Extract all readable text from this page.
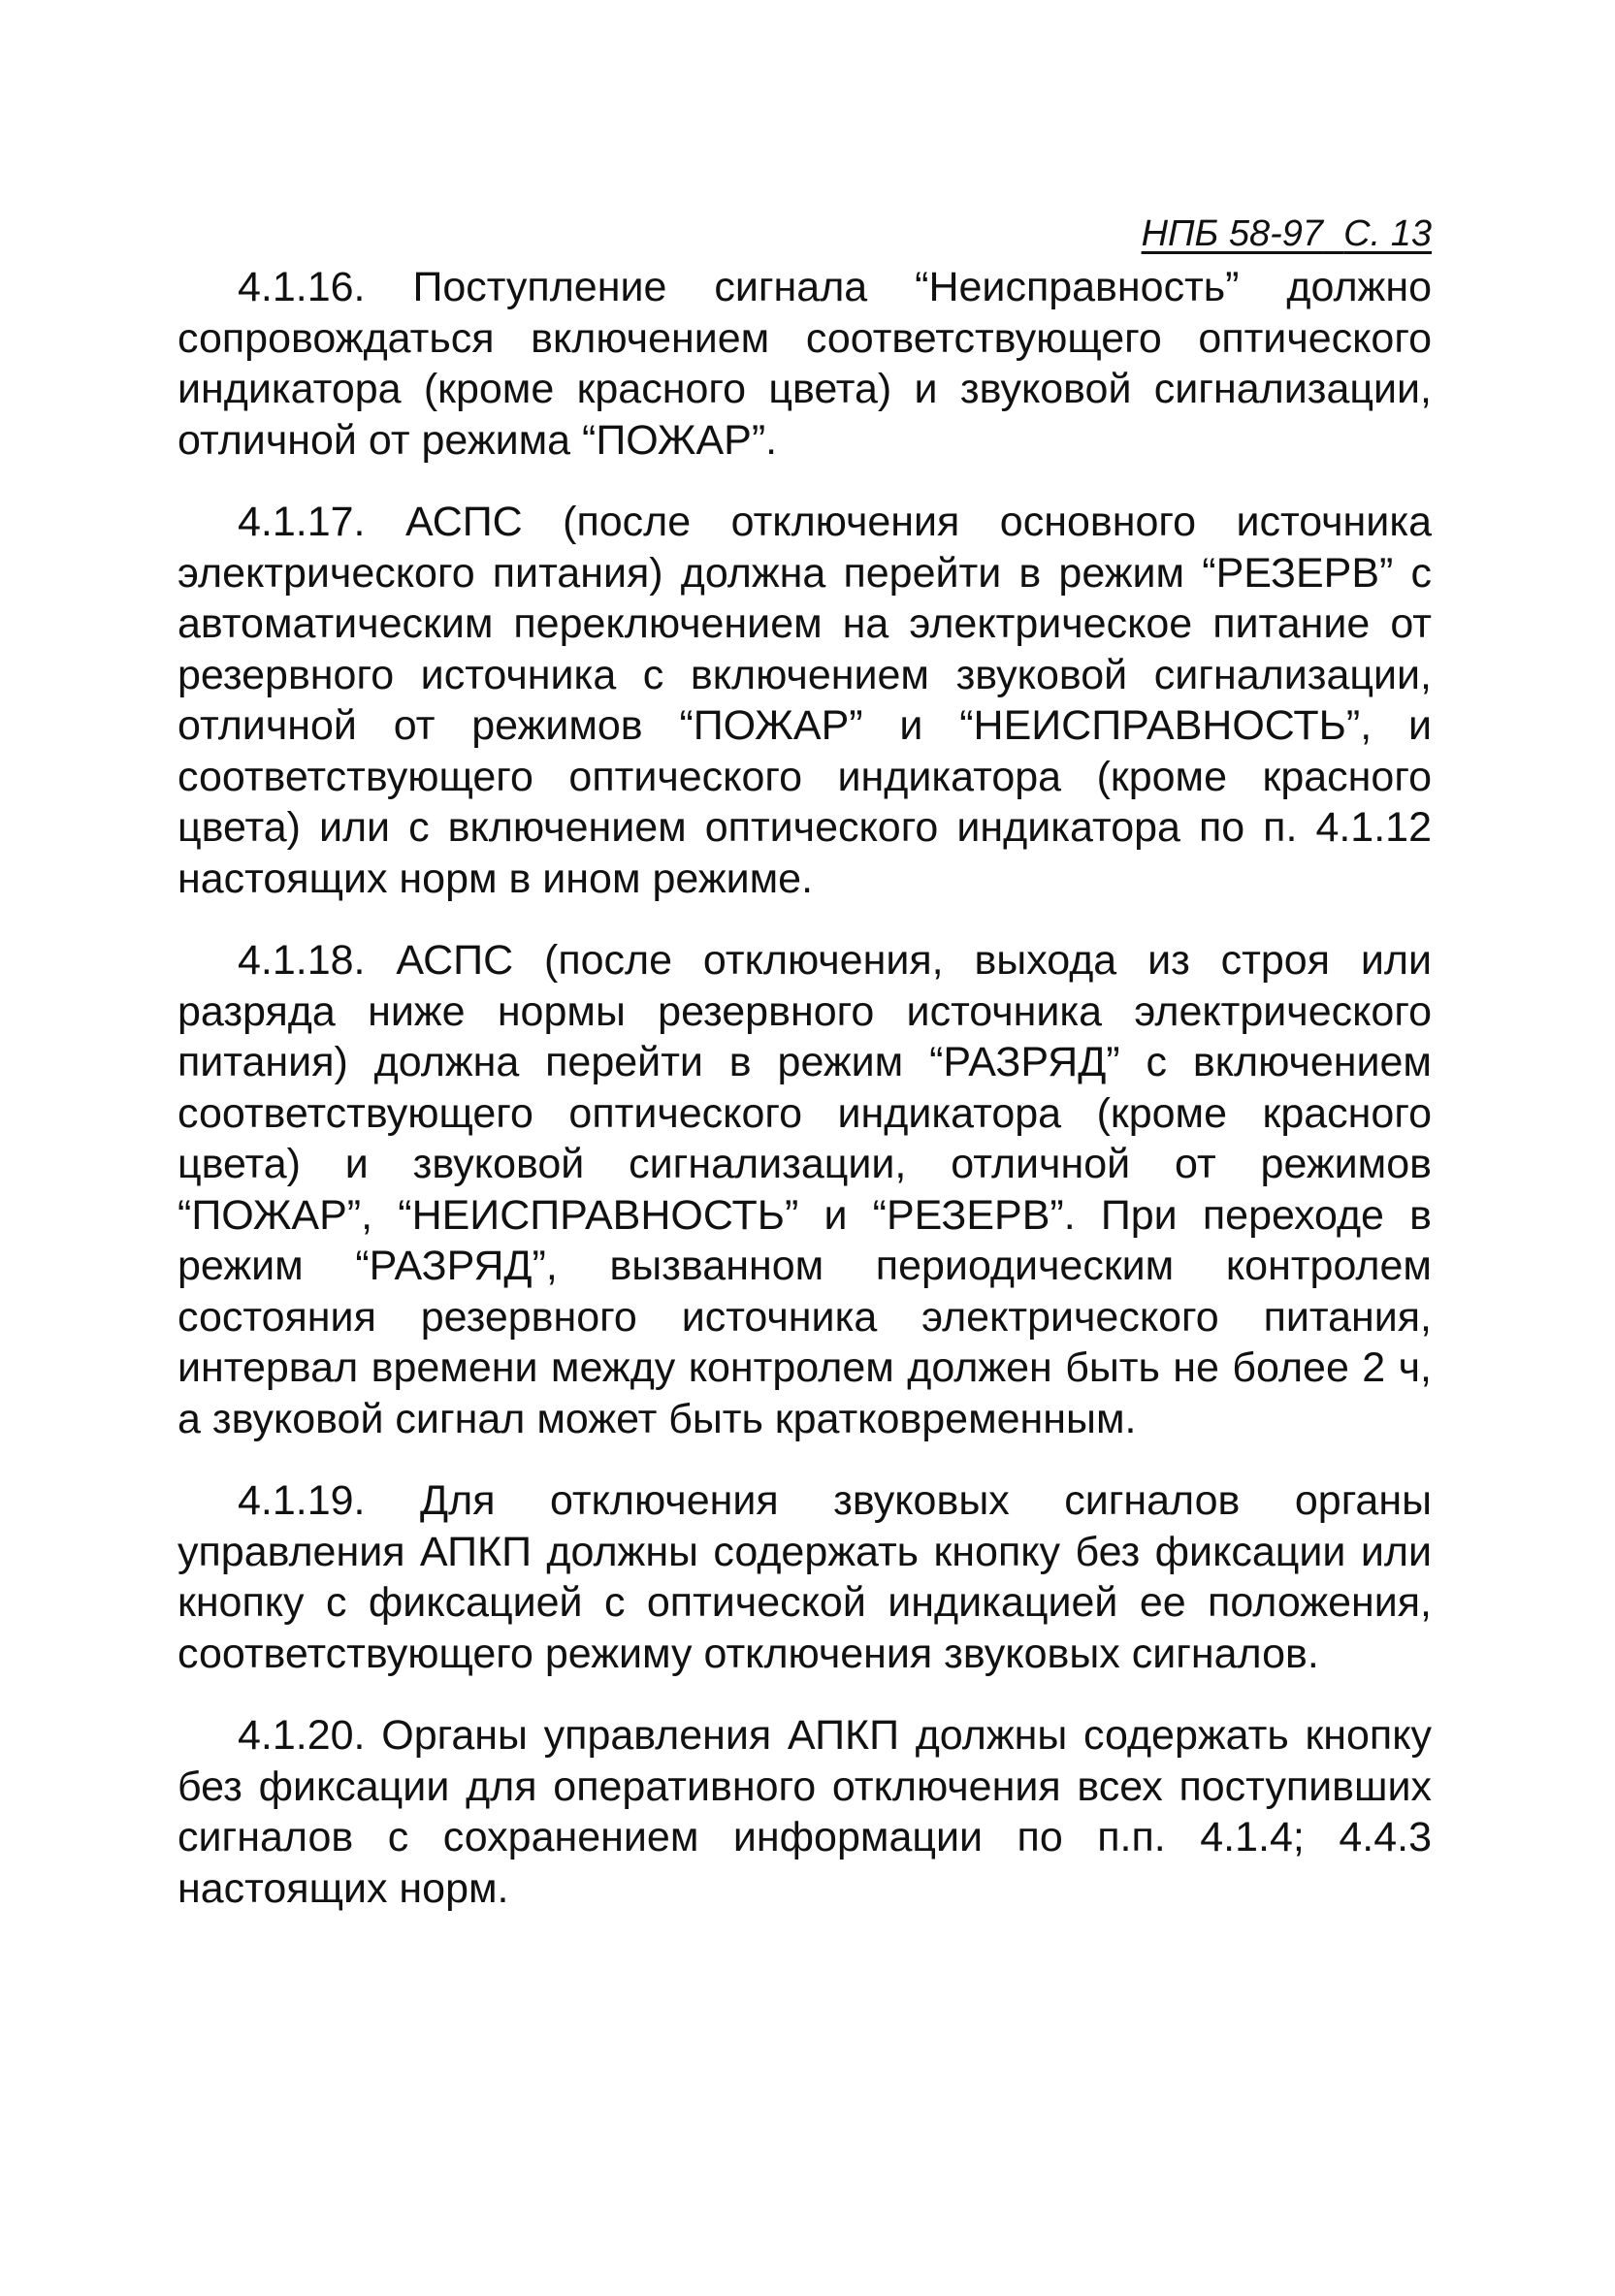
НПБ 58-97 С. 13

4.1.16. Поступление сигнала “Неисправность” должно сопровождаться включением соответствующего оптического индикатора (кроме красного цвета) и звуковой сигнализации, отличной от режима “ПОЖАР”.

4.1.17. АСПС (после отключения основного источника электрического питания) должна перейти в режим “РЕЗЕРВ” с автоматическим переключением на электрическое питание от резервного источника с включением звуковой сигнализации, отличной от режимов “ПОЖАР” и “НЕИСПРАВНОСТЬ”, и соответствующего оптического индикатора (кроме красного цвета) или с включением оптического индикатора по п. 4.1.12 настоящих норм в ином режиме.

4.1.18. АСПС (после отключения, выхода из строя или разряда ниже нормы резервного источника электрического питания) должна перейти в режим “РАЗРЯД” с включением соответствующего оптического индикатора (кроме красного цвета) и звуковой сигнализации, отличной от режимов “ПОЖАР”, “НЕИСПРАВНОСТЬ” и “РЕЗЕРВ”. При переходе в режим “РАЗРЯД”, вызванном периодическим контролем состояния резервного источника электрического питания, интервал времени между контролем должен быть не более 2 ч, а звуковой сигнал может быть кратковременным.

4.1.19. Для отключения звуковых сигналов органы управления АПКП должны содержать кнопку без фиксации или кнопку с фиксацией с оптической индикацией ее положения, соответствующего режиму отключения звуковых сигналов.

4.1.20. Органы управления АПКП должны содержать кнопку без фиксации для оперативного отключения всех поступивших сигналов с сохранением информации по п.п. 4.1.4; 4.4.3 настоящих норм.
